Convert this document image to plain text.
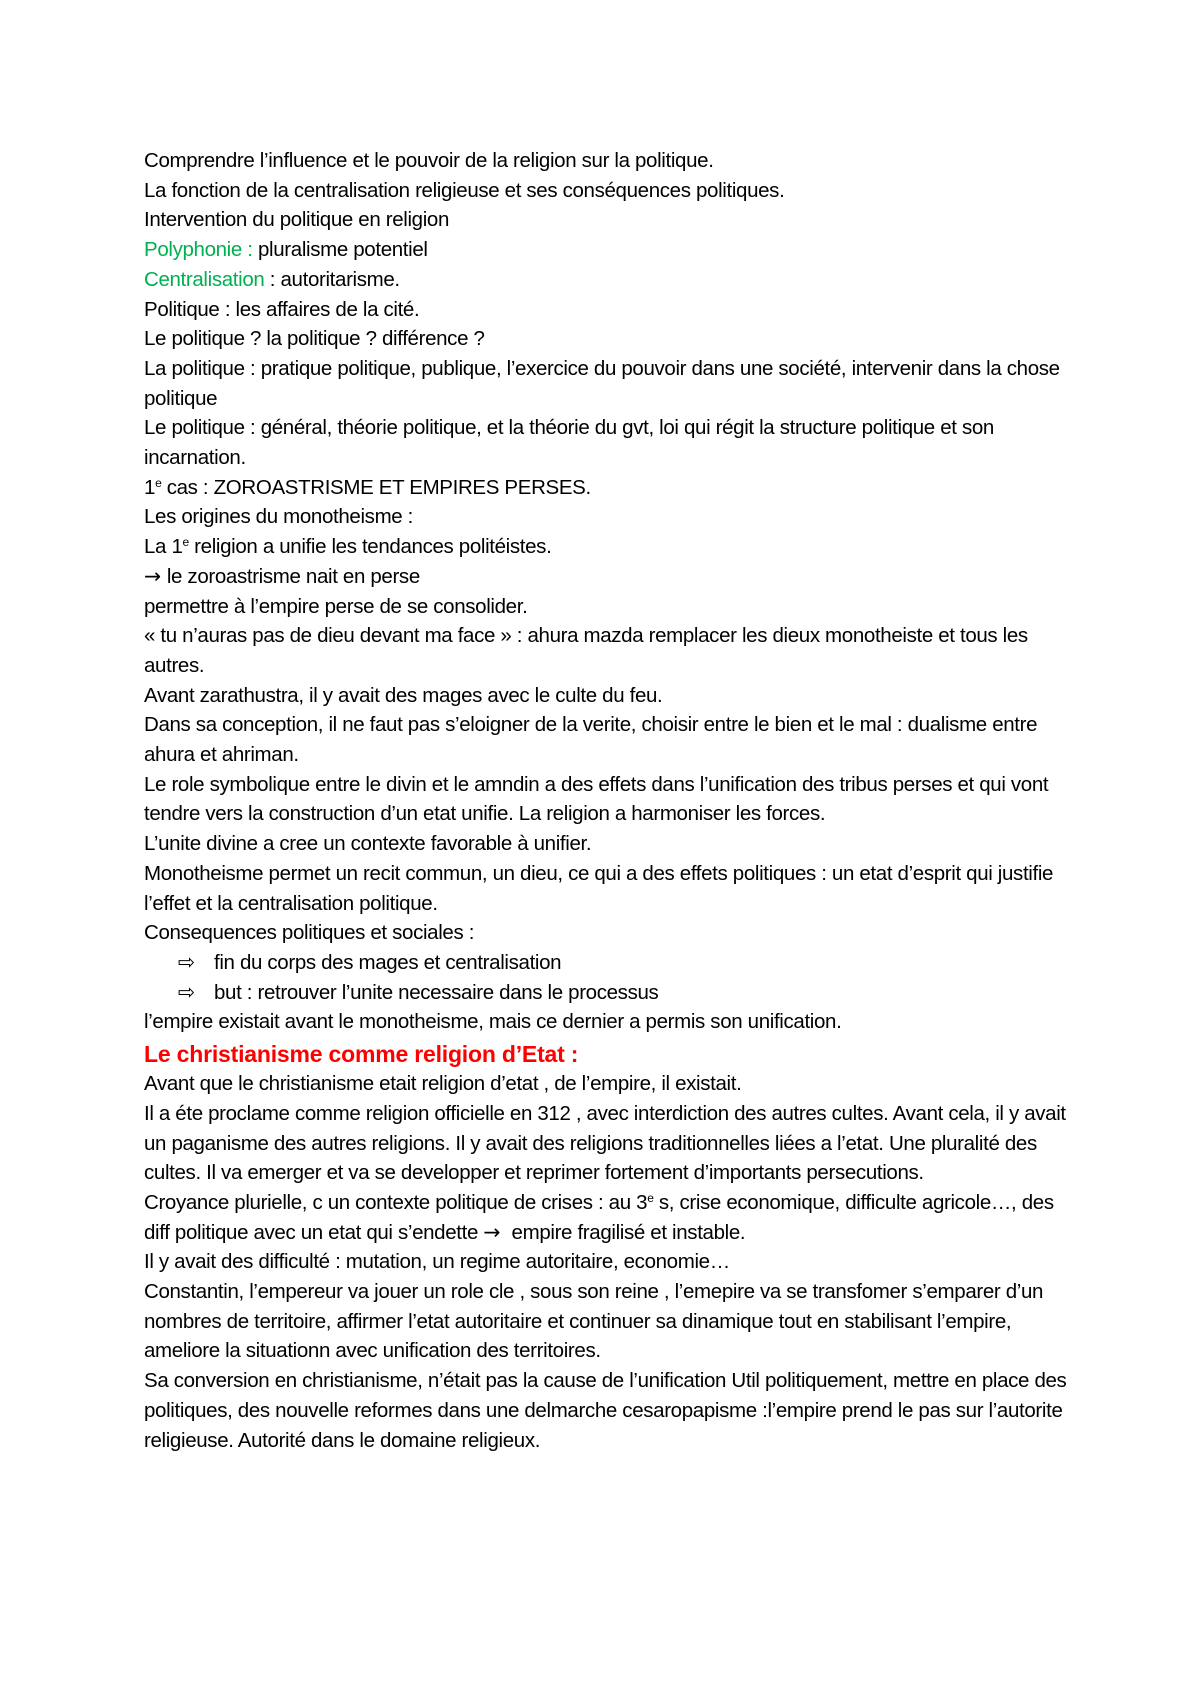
Comprendre l’influence et le pouvoir de la religion sur la politique.

La fonction de la centralisation religieuse et ses conséquences politiques.

Intervention du politique en religion

Polyphonie : pluralisme potentiel

Centralisation : autoritarisme.

Politique : les affaires de la cité.

Le politique ? la politique ? différence ?

La politique : pratique politique, publique, l’exercice du pouvoir dans une société, intervenir dans la chose politique

Le politique : général, théorie politique, et la théorie du gvt, loi qui régit la structure politique et son incarnation.

1e cas : ZOROASTRISME ET EMPIRES PERSES.

Les origines du monotheisme :

La 1e religion a unifie les tendances politéistes.

→ le zoroastrisme nait en perse

permettre à l’empire perse de se consolider.

« tu n’auras pas de dieu devant ma face » : ahura mazda remplacer les dieux monotheiste et tous les autres.

Avant zarathustra, il y avait des mages avec le culte du feu.

Dans sa conception, il ne faut pas s’eloigner de la verite, choisir entre le bien et le mal : dualisme entre ahura et ahriman.

Le role symbolique entre le divin et le amndin a des effets dans l’unification des tribus perses et qui vont tendre vers la construction d’un etat unifie. La religion a harmoniser les forces.

L’unite divine a cree un contexte favorable à unifier.

Monotheisme permet un recit commun, un dieu, ce qui a des effets politiques : un etat d’esprit qui justifie l’effet et la centralisation politique.

Consequences politiques et sociales :

⇨ fin du corps des mages et centralisation

⇨ but : retrouver l’unite necessaire dans le processus

l’empire existait avant le monotheisme, mais ce dernier a permis son unification.

Le christianisme comme religion d’Etat :

Avant que le christianisme etait religion d’etat , de l’empire, il existait.

Il a éte proclame comme religion officielle en 312 , avec interdiction des autres cultes. Avant cela, il y avait un paganisme des autres religions. Il y avait des religions traditionnelles liées a l’etat. Une pluralité des cultes. Il va emerger et va se developper et reprimer fortement d’importants persecutions.

Croyance plurielle, c un contexte politique de crises : au 3e s, crise economique, difficulte agricole…, des diff politique avec un etat qui s’endette → empire fragilisé et instable.

Il y avait des difficulté : mutation, un regime autoritaire, economie…

Constantin, l’empereur va jouer un role cle , sous son reine , l’emepire va se transfomer s’emparer d’un nombres de territoire, affirmer l’etat autoritaire et continuer sa dinamique tout en stabilisant l’empire, ameliore la situationn avec unification des territoires.

Sa conversion en christianisme, n’était pas la cause de l’unification Util politiquement, mettre en place des politiques, des nouvelle reformes dans une delmarche cesaropapisme :l’empire prend le pas sur l’autorite religieuse. Autorité dans le domaine religieux.
